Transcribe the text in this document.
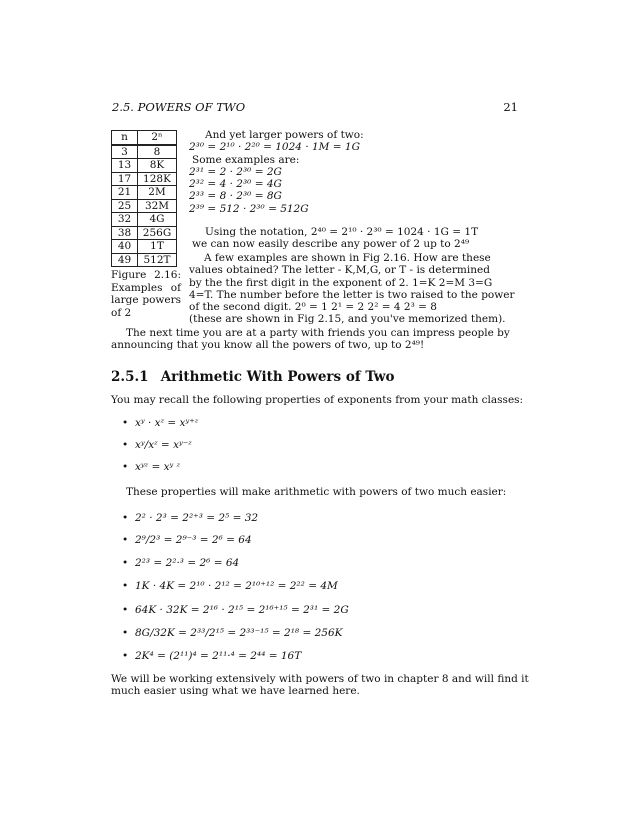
2.5. POWERS OF TWO	21
n	2ⁿ
3	8
13	8K
17	128K
21	2M
25	32M
32	4G
38	256G
40	1T
49	512T
Figure 2.16: Examples of large powers of 2
And yet larger powers of two:
2³⁰ = 2¹⁰ · 2²⁰ = 1024 · 1M = 1G
Some examples are:
2³¹ = 2 · 2³⁰ = 2G
2³² = 4 · 2³⁰ = 4G
2³³ = 8 · 2³⁰ = 8G
2³⁹ = 512 · 2³⁰ = 512G
Using the notation, 2⁴⁰ = 2¹⁰ · 2³⁰ = 1024 · 1G = 1T
we can now easily describe any power of 2 up to 2⁴⁹
A few examples are shown in Fig 2.16. How are these
values obtained? The letter - K,M,G, or T - is determined
by the the first digit in the exponent of 2. 1=K 2=M 3=G
4=T. The number before the letter is two raised to the power
of the second digit. 2⁰ = 1 2¹ = 2 2² = 4 2³ = 8
(these are shown in Fig 2.15, and you've memorized them).
The next time you are at a party with friends you can impress people by
announcing that you know all the powers of two, up to 2⁴⁹!
2.5.1 Arithmetic With Powers of Two
You may recall the following properties of exponents from your math classes:
• xʸ · xᶻ = xʸ⁺ᶻ
• xʸ/xᶻ = xʸ⁻ᶻ
• xʸᶻ = xʸ ᶻ
These properties will make arithmetic with powers of two much easier:
• 2² · 2³ = 2²⁺³ = 2⁵ = 32
• 2⁹/2³ = 2⁹⁻³ = 2⁶ = 64
• 2²³ = 2²·³ = 2⁶ = 64
• 1K · 4K = 2¹⁰ · 2¹² = 2¹⁰⁺¹² = 2²² = 4M
• 64K · 32K = 2¹⁶ · 2¹⁵ = 2¹⁶⁺¹⁵ = 2³¹ = 2G
• 8G/32K = 2³³/2¹⁵ = 2³³⁻¹⁵ = 2¹⁸ = 256K
• 2K⁴ = (2¹¹)⁴ = 2¹¹·⁴ = 2⁴⁴ = 16T
We will be working extensively with powers of two in chapter 8 and will find it
much easier using what we have learned here.
